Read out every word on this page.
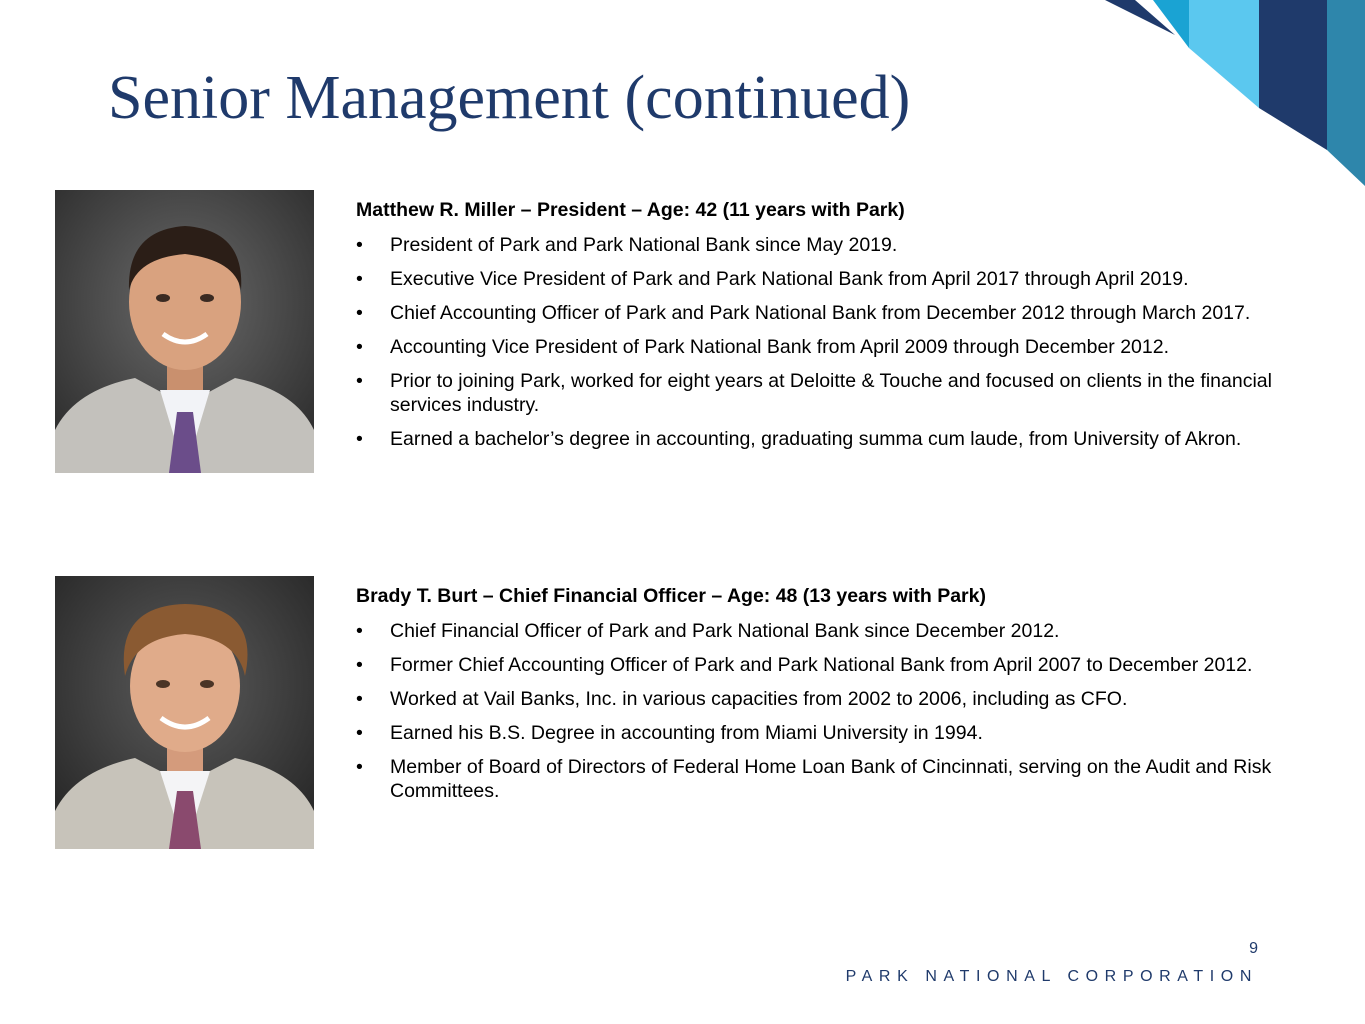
Senior Management (continued)

Matthew R. Miller – President – Age: 42 (11 years with Park)

• President of Park and Park National Bank since May 2019.
• Executive Vice President of Park and Park National Bank from April 2017 through April 2019.
• Chief Accounting Officer of Park and Park National Bank from December 2012 through March 2017.
• Accounting Vice President of Park National Bank from April 2009 through December 2012.
• Prior to joining Park, worked for eight years at Deloitte & Touche and focused on clients in the financial services industry.
• Earned a bachelor’s degree in accounting, graduating summa cum laude, from University of Akron.

Brady T. Burt – Chief Financial Officer – Age: 48 (13 years with Park)

• Chief Financial Officer of Park and Park National Bank since December 2012.
• Former Chief Accounting Officer of Park and Park National Bank from April 2007 to December 2012.
• Worked at Vail Banks, Inc. in various capacities from 2002 to 2006, including as CFO.
• Earned his B.S. Degree in accounting from Miami University in 1994.
• Member of Board of Directors of Federal Home Loan Bank of Cincinnati, serving on the Audit and Risk Committees.
9
PARK NATIONAL CORPORATION
